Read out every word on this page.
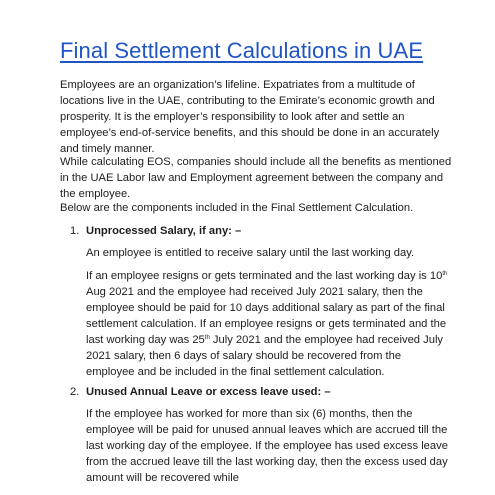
Final Settlement Calculations in UAE

Employees are an organization’s lifeline. Expatriates from a multitude of locations live in the UAE, contributing to the Emirate’s economic growth and prosperity. It is the employer’s responsibility to look after and settle an employee’s end-of-service benefits, and this should be done in an accurately and timely manner.

While calculating EOS, companies should include all the benefits as mentioned in the UAE Labor law and Employment agreement between the company and the employee.

Below are the components included in the Final Settlement Calculation.

1. Unprocessed Salary, if any: –
An employee is entitled to receive salary until the last working day.
If an employee resigns or gets terminated and the last working day is 10th Aug 2021 and the employee had received July 2021 salary, then the employee should be paid for 10 days additional salary as part of the final settlement calculation. If an employee resigns or gets terminated and the last working day was 25th July 2021 and the employee had received July 2021 salary, then 6 days of salary should be recovered from the employee and be included in the final settlement calculation.
2. Unused Annual Leave or excess leave used: –
If the employee has worked for more than six (6) months, then the employee will be paid for unused annual leaves which are accrued till the last working day of the employee. If the employee has used excess leave from the accrued leave till the last working day, then the excess used day amount will be recovered while
